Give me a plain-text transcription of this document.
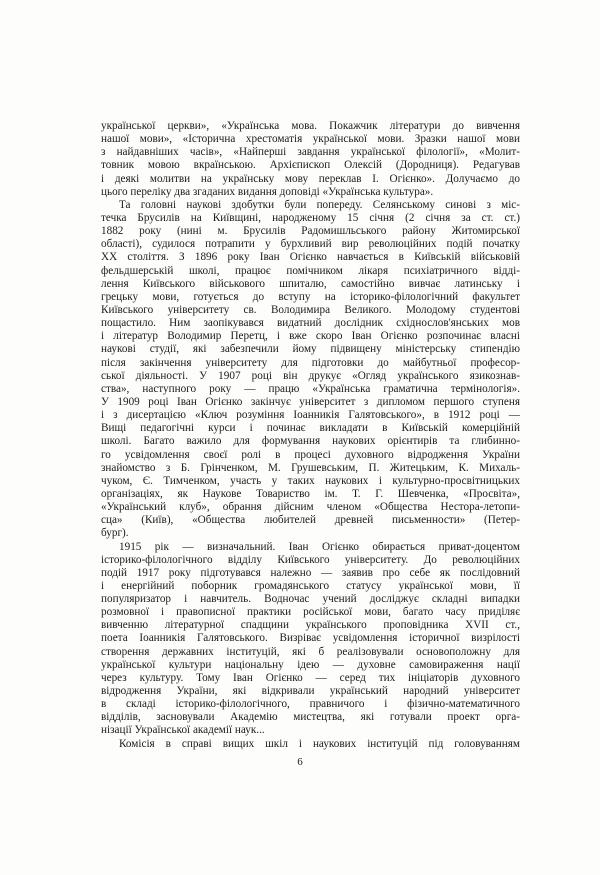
української церкви», «Українська мова. Покажчик літератури до вивчення
нашої мови», «Історична хрестоматія української мови. Зразки нашої мови
з найдавніших часів», «Найперші завдання української філології», «Молит-
товник мовою вкраїнською. Архієпископ Олексій (Дородниця). Редагував
і деякі молитви на українську мову переклав І. Огієнко». Долучаємо до
цього переліку два згаданих видання доповіді «Українська культура».
Та головні наукові здобутки були попереду. Селянському синові з міс-
течка Брусилів на Київщині, народженому 15 січня (2 січня за ст. ст.)
1882 року (нині м. Брусилів Радомишльського району Житомирської
області), судилося потрапити у бурхливий вир революційних подій початку
XX століття. З 1896 року Іван Огієнко навчається в Київській військовій
фельдшерській школі, працює помічником лікаря психіатричного відді-
лення Київського військового шпиталю, самостійно вивчає латинську і
грецьку мови, готується до вступу на історико-філологічний факультет
Київського університету св. Володимира Великого. Молодому студентові
пощастило. Ним заопікувався видатний дослідник східнослов'янських мов
і літератур Володимир Перетц, і вже скоро Іван Огієнко розпочинає власні
наукові студії, які забезпечили йому підвищену міністерську стипендію
після закінчення університету для підготовки до майбутньої професор-
ської діяльності. У 1907 році він друкує «Огляд українського язикознав-
ства», наступного року — працю «Українська граматична термінологія».
У 1909 році Іван Огієнко закінчує університет з дипломом першого ступеня
і з дисертацією «Ключ розуміння Іоанникія Галятовського», в 1912 році —
Вищі педагогічні курси і починає викладати в Київській комерційній
школі. Багато важило для формування наукових орієнтирів та глибинно-
го усвідомлення своєї ролі в процесі духовного відродження України
знайомство з Б. Грінченком, М. Грушевським, П. Житецьким, К. Михаль-
чуком, Є. Тимченком, участь у таких наукових і культурно-просвітницьких
організаціях, як Наукове Товариство ім. Т. Г. Шевченка, «Просвіта»,
«Український клуб», обрання дійсним членом «Общества Нестора-летопи-
сца» (Київ), «Общества любителей древней письменности» (Петер-
бург).
1915 рік — визначальний. Іван Огієнко обирається приват-доцентом
історико-філологічного відділу Київського університету. До революційних
подій 1917 року підготувався належно — заявив про себе як послідовний
і енергійний поборник громадянського статусу української мови, її
популяризатор і навчитель. Водночас учений досліджує складні випадки
розмовної і правописної практики російської мови, багато часу приділяє
вивченню літературної спадщини українського проповідника XVII ст.,
поета Іоанникія Галятовського. Визріває усвідомлення історичної визрілості
створення державних інституцій, які б реалізовували основоположну для
української культури національну ідею — духовне самовираження нації
через культуру. Тому Іван Огієнко — серед тих ініціаторів духовного
відродження України, які відкривали український народний університет
в складі історико-філологічного, правничого і фізично-математичного
відділів, засновували Академію мистецтва, які готували проект орга-
нізації Української академії наук...
Комісія в справі вищих шкіл і наукових інституцій під головуванням
6
